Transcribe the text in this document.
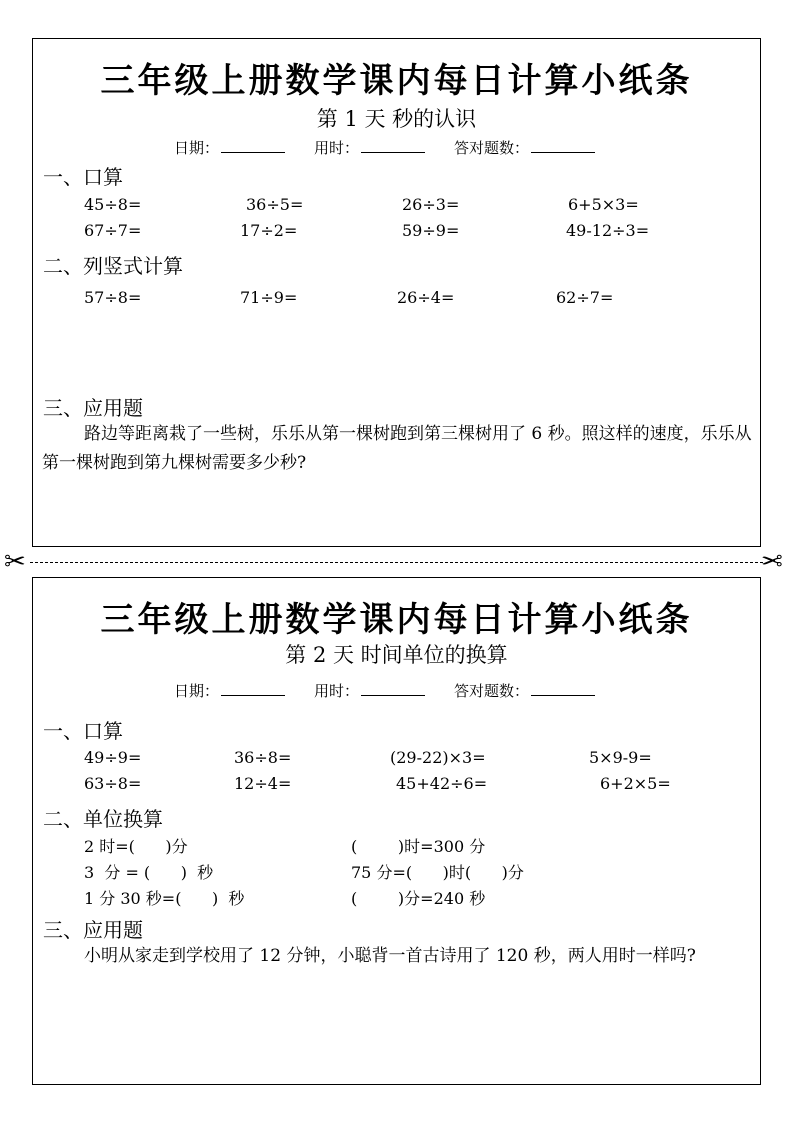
三年级上册数学课内每日计算小纸条
第 1 天 秒的认识
日期：	用时：	答对题数：
一、口算
45÷8=	36÷5=	26÷3=	6+5×3=
67÷7=	17÷2=	59÷9=	49-12÷3=
二、列竖式计算
57÷8=	71÷9=	26÷4=	62÷7=
三、应用题
路边等距离栽了一些树，乐乐从第一棵树跑到第三棵树用了 6 秒。照这样的速度，乐乐从第一棵树跑到第九棵树需要多少秒?
✂	✂
三年级上册数学课内每日计算小纸条
第 2 天 时间单位的换算
日期：	用时：	答对题数：
一、口算
49÷9=	36÷8=	(29-22)×3=	5×9-9=
63÷8=	12÷4=	45+42÷6=	6+2×5=
二、单位换算
2 时=(      )分	(        )时=300 分
3  分 = (      )  秒	75 分=(      )时(      )分
1 分 30 秒=(      )  秒	(        )分=240 秒
三、应用题
小明从家走到学校用了 12 分钟，小聪背一首古诗用了 120 秒，两人用时一样吗?
